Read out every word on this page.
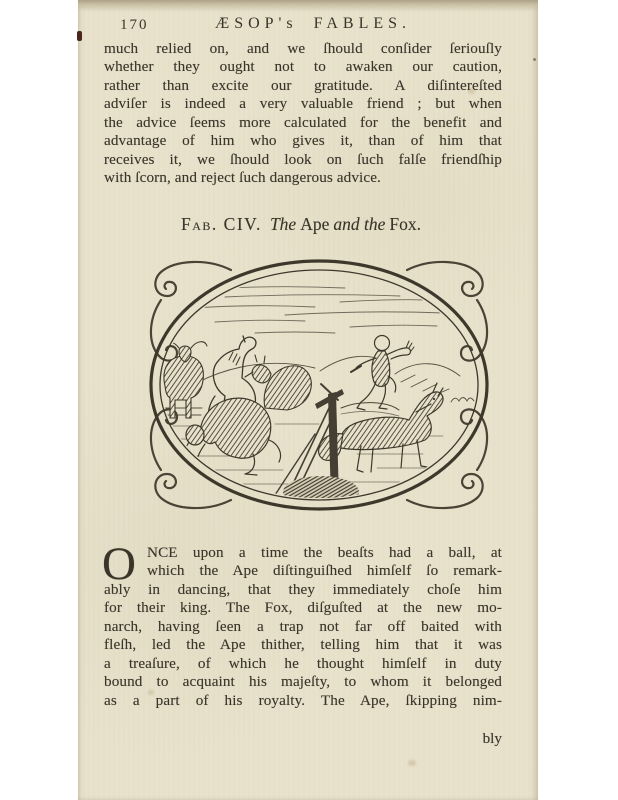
170	ÆSOP's FABLES.
much relied on, and we ſhould conſider ſeriouſly
whether they ought not to awaken our caution,
rather than excite our gratitude. A diſintereſted
adviſer is indeed a very valuable friend ; but when
the advice ſeems more calculated for the benefit and
advantage of him who gives it, than of him that
receives it, we ſhould look on ſuch falſe friendſhip
with ſcorn, and reject ſuch dangerous advice.
Fab. CIV. The Ape and the Fox.
O NCE upon a time the beaſts had a ball, at
which the Ape diſtinguiſhed himſelf ſo remark-
ably in dancing, that they immediately choſe him
for their king. The Fox, diſguſted at the new mo-
narch, having ſeen a trap not far off baited with
fleſh, led the Ape thither, telling him that it was
a treaſure, of which he thought himſelf in duty
bound to acquaint his majeſty, to whom it belonged
as a part of his royalty. The Ape, ſkipping nim-
bly
